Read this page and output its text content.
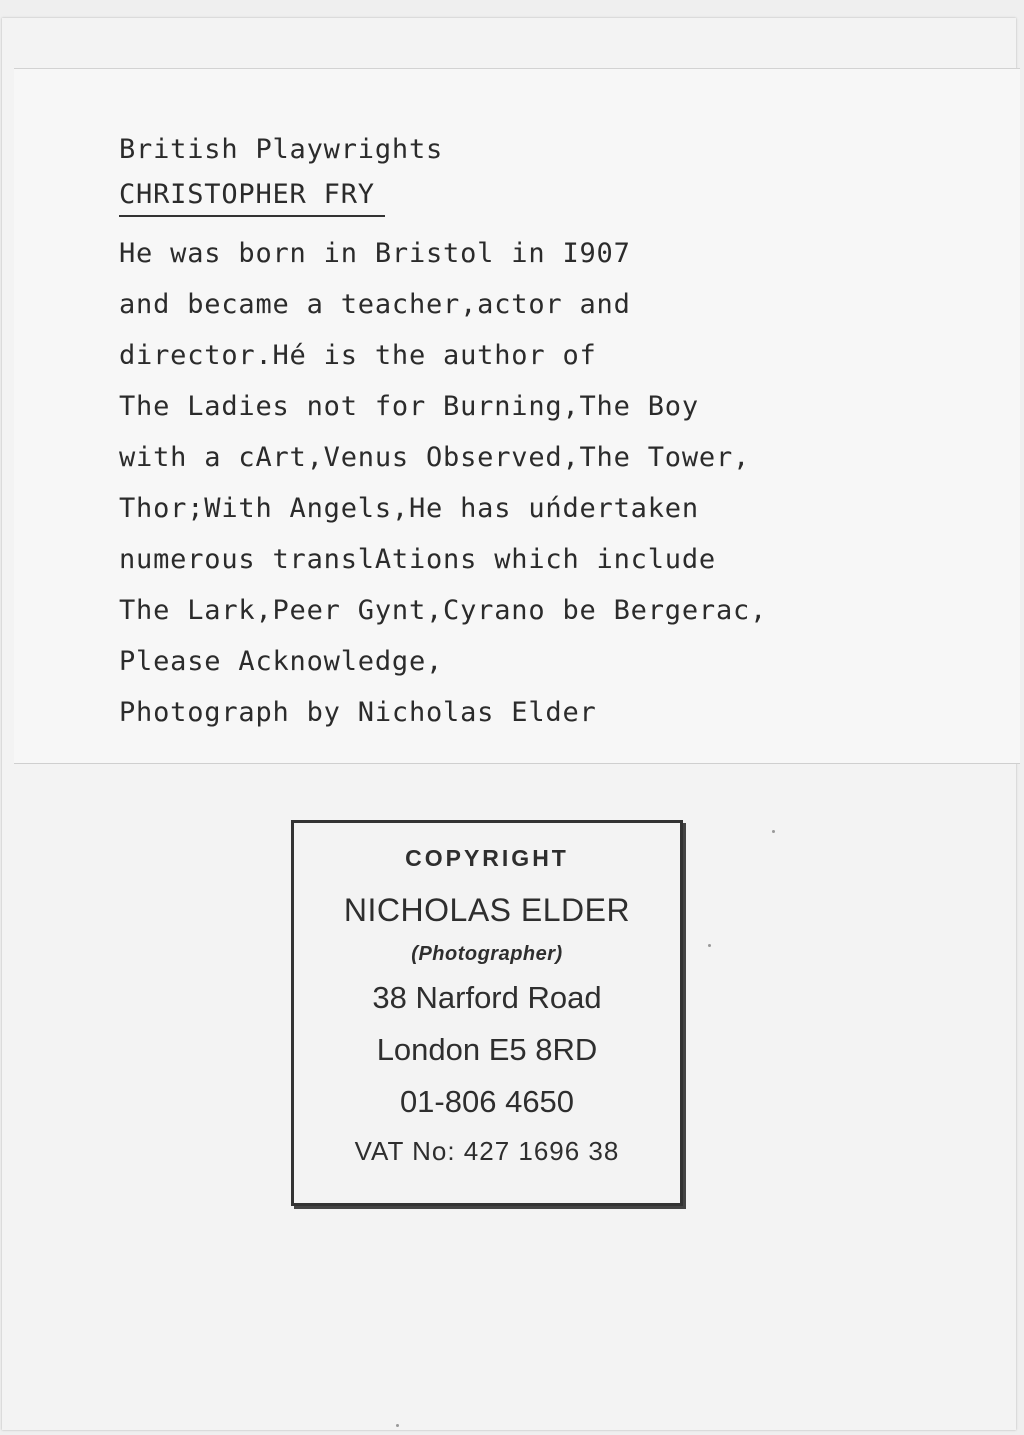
British Playwrights
CHRISTOPHER FRY
He was born in Bristol in I907
and became a teacher,actor and
director.Hé is the author of
The Ladies not for Burning,The Boy
with a cArt,Venus Observed,The Tower,
Thor;With Angels,He has uńdertaken
numerous translAtions which include
The Lark,Peer Gynt,Cyrano be Bergerac,
Please Acknowledge,
Photograph by Nicholas Elder
COPYRIGHT
NICHOLAS ELDER
(Photographer)
38 Narford Road
London E5 8RD
01-806 4650
VAT No: 427 1696 38
